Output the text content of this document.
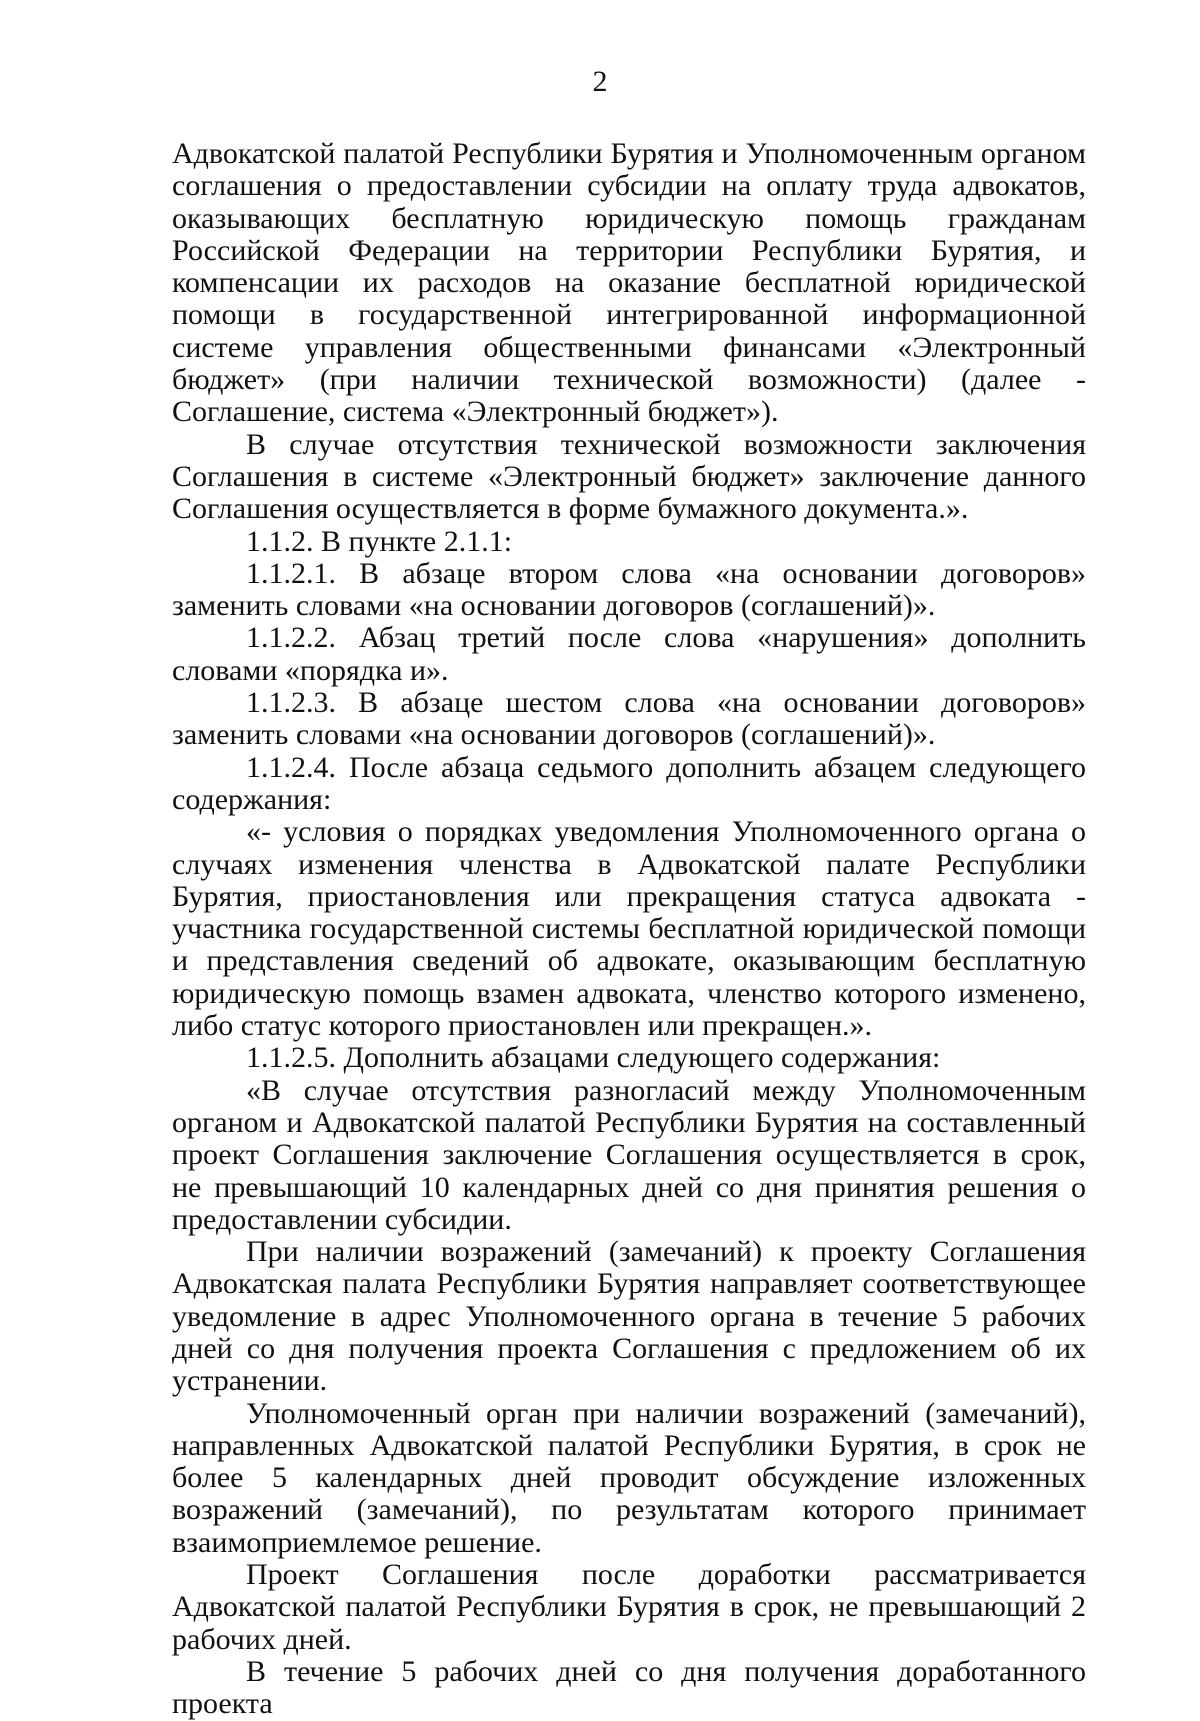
2

Адвокатской палатой Республики Бурятия и Уполномоченным органом соглашения о предоставлении субсидии на оплату труда адвокатов, оказывающих бесплатную юридическую помощь гражданам Российской Федерации на территории Республики Бурятия, и компенсации их расходов на оказание бесплатной юридической помощи в государственной интегрированной информационной системе управления общественными финансами «Электронный бюджет» (при наличии технической возможности) (далее - Соглашение, система «Электронный бюджет»).

В случае отсутствия технической возможности заключения Соглашения в системе «Электронный бюджет» заключение данного Соглашения осуществляется в форме бумажного документа.».

1.1.2. В пункте 2.1.1:

1.1.2.1. В абзаце втором слова «на основании договоров» заменить словами «на основании договоров (соглашений)».

1.1.2.2. Абзац третий после слова «нарушения» дополнить словами «порядка и».

1.1.2.3. В абзаце шестом слова «на основании договоров» заменить словами «на основании договоров (соглашений)».

1.1.2.4. После абзаца седьмого дополнить абзацем следующего содержания:

«- условия о порядках уведомления Уполномоченного органа о случаях изменения членства в Адвокатской палате Республики Бурятия, приостановления или прекращения статуса адвоката - участника государственной системы бесплатной юридической помощи и представления сведений об адвокате, оказывающим бесплатную юридическую помощь взамен адвоката, членство которого изменено, либо статус которого приостановлен или прекращен.».

1.1.2.5. Дополнить абзацами следующего содержания:

«В случае отсутствия разногласий между Уполномоченным органом и Адвокатской палатой Республики Бурятия на составленный проект Соглашения заключение Соглашения осуществляется в срок, не превышающий 10 календарных дней со дня принятия решения о предоставлении субсидии.

При наличии возражений (замечаний) к проекту Соглашения Адвокатская палата Республики Бурятия направляет соответствующее уведомление в адрес Уполномоченного органа в течение 5 рабочих дней со дня получения проекта Соглашения с предложением об их устранении.

Уполномоченный орган при наличии возражений (замечаний), направленных Адвокатской палатой Республики Бурятия, в срок не более 5 календарных дней проводит обсуждение изложенных возражений (замечаний), по результатам которого принимает взаимоприемлемое решение.

Проект Соглашения после доработки рассматривается Адвокатской палатой Республики Бурятия в срок, не превышающий 2 рабочих дней.

В течение 5 рабочих дней со дня получения доработанного проекта
